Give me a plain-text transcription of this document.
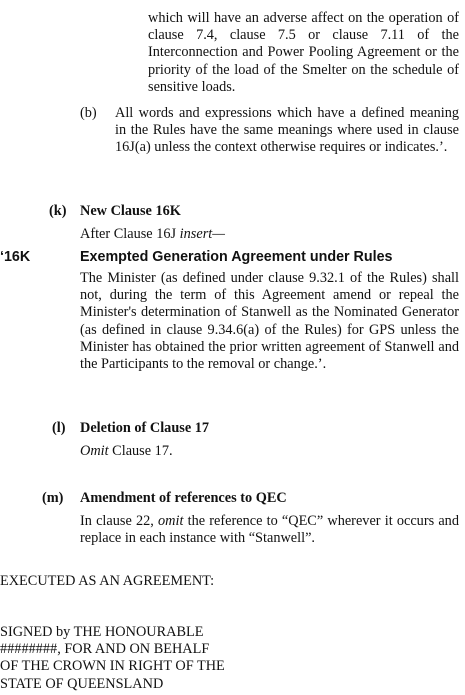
which will have an adverse affect on the operation of clause 7.4, clause 7.5 or clause 7.11 of the Interconnection and Power Pooling Agreement or the priority of the load of the Smelter on the schedule of sensitive loads.

(b) All words and expressions which have a defined meaning in the Rules have the same meanings where used in clause 16J(a) unless the context otherwise requires or indicates.’.

(k) New Clause 16K

After Clause 16J insert—

‘16K	Exempted Generation Agreement under Rules

The Minister (as defined under clause 9.32.1 of the Rules) shall not, during the term of this Agreement amend or repeal the Minister's determination of Stanwell as the Nominated Generator (as defined in clause 9.34.6(a) of the Rules) for GPS unless the Minister has obtained the prior written agreement of Stanwell and the Participants to the removal or change.’.

(l) Deletion of Clause 17

Omit Clause 17.

(m) Amendment of references to QEC

In clause 22, omit the reference to “QEC” wherever it occurs and replace in each instance with “Stanwell”.

EXECUTED AS AN AGREEMENT:

SIGNED by THE HONOURABLE
########, FOR AND ON BEHALF
OF THE CROWN IN RIGHT OF THE
STATE OF QUEENSLAND
